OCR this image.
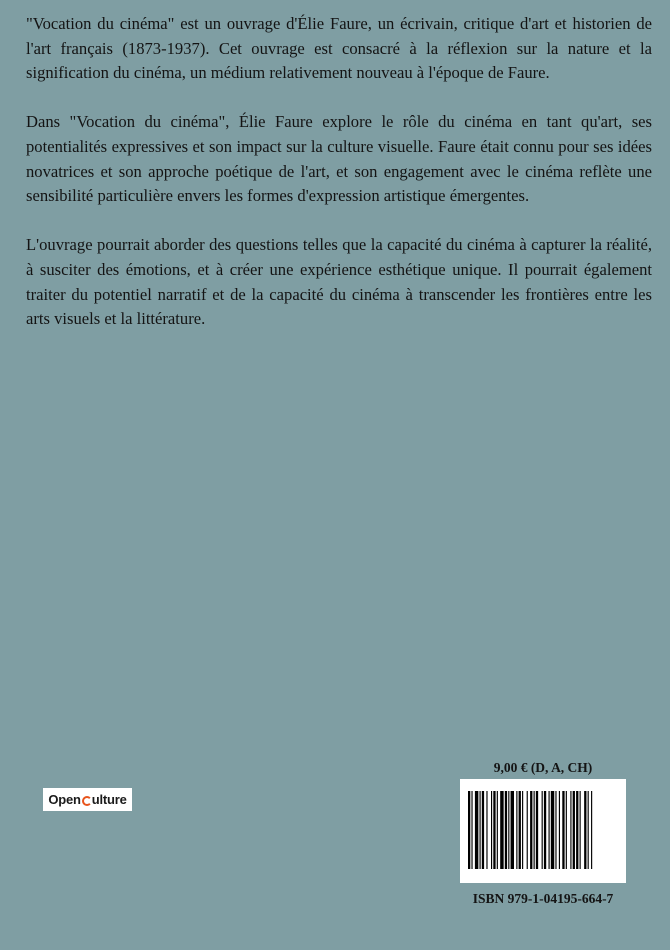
"Vocation du cinéma" est un ouvrage d'Élie Faure, un écrivain, critique d'art et historien de l'art français (1873-1937). Cet ouvrage est consacré à la réflexion sur la nature et la signification du cinéma, un médium relativement nouveau à l'époque de Faure.

Dans "Vocation du cinéma", Élie Faure explore le rôle du cinéma en tant qu'art, ses potentialités expressives et son impact sur la culture visuelle. Faure était connu pour ses idées novatrices et son approche poétique de l'art, et son engagement avec le cinéma reflète une sensibilité particulière envers les formes d'expression artistique émergentes.

L'ouvrage pourrait aborder des questions telles que la capacité du cinéma à capturer la réalité, à susciter des émotions, et à créer une expérience esthétique unique. Il pourrait également traiter du potentiel narratif et de la capacité du cinéma à transcender les frontières entre les arts visuels et la littérature.

Open ulture
9,00 € (D, A, CH)
ISBN 979-1-04195-664-7
